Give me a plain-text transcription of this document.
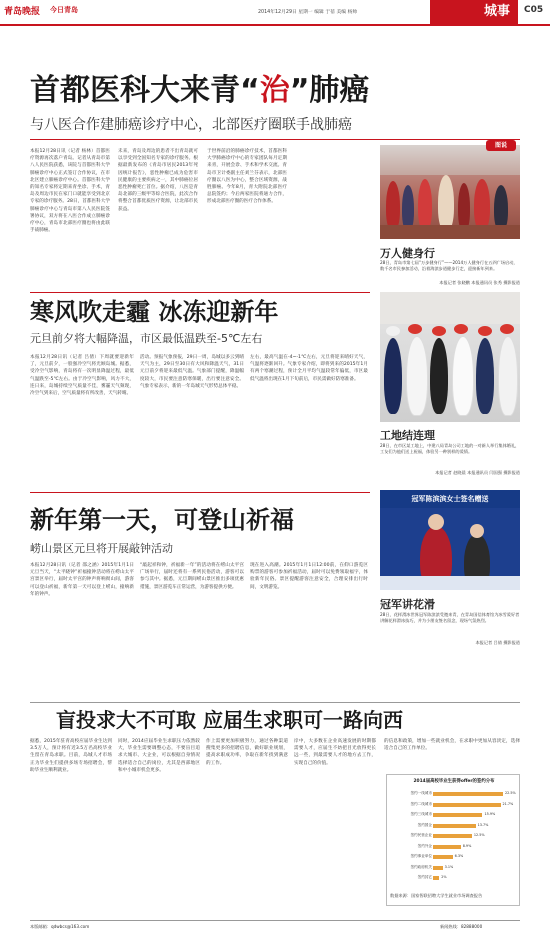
青岛晚报 今日青岛	2014年12月29日 星期一 编辑 于蓓 美编 杨帅	城事	C05
首都医科大来青“治”肺癌
与八医合作建肺癌诊疗中心，北部医疗圈联手战肺癌
本报12月28日讯（记者 杨林）首都医疗资源再次落户青岛。记者从青岛市第八人民医院获悉，该院与首都医科大学肺癌诊疗中心正式签订合作协议，在市北区建立肺癌诊疗中心。首都医科大学的知名专家将定期来青坐诊、手术，青岛及周边市民在家门口就能享受到北京专家的诊疗服务。28日，首都医科大学肺癌诊疗中心与青岛市第八人民医院签署协议，双方将在八医合作成立肺癌诊疗中心，青岛市北部医疗圈也将由此联手战肺癌。
未来，青岛及周边的患者不出青岛就可以享受到全国知名专家的诊疗服务。根据最新发布的《青岛市居民2013年死因统计报告》，恶性肿瘤已成为危害市民健康的主要疾病之一，其中肺癌位居恶性肿瘤死亡首位。据介绍，八医是青岛北部的三级甲等综合医院，此次合作将整合首都优质医疗资源，让北部市民获益。
于世界前沿的肺癌诊疗技术，首都医科大学肺癌诊疗中心的专家团队每月定期来青，开展会诊、手术和学术交流。青岛市卫计委副主任刘兰芬表示，北部医疗圈以八医为中心，整合区域资源，战胜肺癌。今年8月，青大附院北部医疗总院签约；今后两家医院将通力合作，形成北部医疗圈的医疗合作体系。
图说
万人健身行
28日，青岛市第七届“万步健身行”——2014万人健身行在五四广场启动，数千名市民参加活动，沿着海滨步道健步行走，迎接新年到来。
本报记者 张晓鹏 本报通讯员 张秀 摄影报道
寒风吹走霾 冰冻迎新年
元旦前夕将大幅降温，市区最低温跌至-5℃左右
本报12月28日讯（记者 吕倩）下周就要迎新年了，元旦前夕，一股强冷空气将光顾岛城。据悉，受冷空气影响，青岛将有一次明显降温过程，最低气温跌至-5℃左右。由于冷空气影响，风力不大，连日来，岛城持续空气质量不佳，雾霾天气频现，冷空气到来后，空气质量将有所改善，天气转晴。
活动。预报气象预报，29日一周，岛城以多云到晴天气为主，29日至30日有大风和降温天气，31日元旦前夕将迎来最低气温。气象部门提醒，降温幅度较大，市民要注意防寒保暖，出行要注意安全。气象专家表示，新的一年岛城天气形势总体平稳。
左右，最高气温在-4~-1℃左右，元旦将迎来晴好天气，气温将逐渐回升。气象专家介绍，即将到来的2015年1月有两个寒潮过程，预计全月平均气温较常年偏低，市区最低气温将出现在1月下旬前后，市民需做好防寒准备。
工地结连理
28日，在市区某工地上，中建八局青岛公司工地的一对新人举行集体婚礼，工友们为他们送上祝福，体验另一种别样的爱情。
本报记者 赵晓晨 本报通讯员 闫国强 摄影报道
新年第一天，可登山祈福
崂山景区元旦将开展敲钟活动
本报12月28日讯（记者 邵之涵）2015年1月1日元旦当天，“太平晓钟”祈福撞钟活动将在崂山太平宫景区举行，届时太平宫的钟声将响彻山间，游客可以登山祈福，新年第一天可以登上崂山，撞响新年的钟声。
“敲起祥和钟，祈福新一年”的活动将在崂山太平宫广场举行，届时还将有一系列民俗活动，游客可以参与其中。据悉，元旦期间崂山景区推出多项优惠措施，景区游览车正常运营，为游客提供方便。
现在进入高潮。2015年1月1日12:00前，在仰口游览区购票的游客可参加祈福活动，届时可以免费领取福字，体验新年民俗。景区提醒游客注意安全，合理安排出行时间，文明游览。
冠军陈滨滨女士签名赠送
冠军讲花滑
28日，花样滑冰世界冠军陈滨滨受邀来青，在青岛国信体育馆为冰雪爱好者讲解花样滑冰技巧，并为小朋友签名留念，现场气氛热烈。
本报记者 吕倩 摄影报道
盲投求大不可取 应届生求职可一路向西
据悉，2015年驻青高校应届毕业生达到3.5万人，预计将有近3.5万名高校毕业生留在青岛求职。目前，岛城人才市场正为毕业生们提供多场专场招聘会，帮助毕业生顺利就业。
同时，2014应届毕业生求职压力依然较大，毕业生需要调整心态，不要盲目追求大城市、大企业，可以根据自身情况选择适合自己的岗位，尤其是西部地区和中小城市机会更多。
作上需要更加积极努力，通过各种渠道搜集更多的招聘信息，做好职业规划，提高求职成功率，争取在新年找到满意的工作。
岸中，大多数在企业高速发展的时期都需要人才，应届生不妨把目光放得更长远一些，到最需要人才的地方去工作，实现自己的价值。
的信息和政策，增加一些就业机会，在求职中更加从容淡定，选择适合自己的工作单位。
2014届高校毕业生获得offer的签约分布
签约一线城市	22.5%
签约二线城市	21.7%
签约三线城市	15.9%
签约国企	13.7%
签约民营企业	12.5%
签约外企	8.9%
签约事业单位	6.3%
签约政府机关	3.1%
签约其它	2%
数据来源：国家智联招聘大学生就业市场调查报告
本版邮箱：qdwbcs@163.com	新闻热线：82888000
